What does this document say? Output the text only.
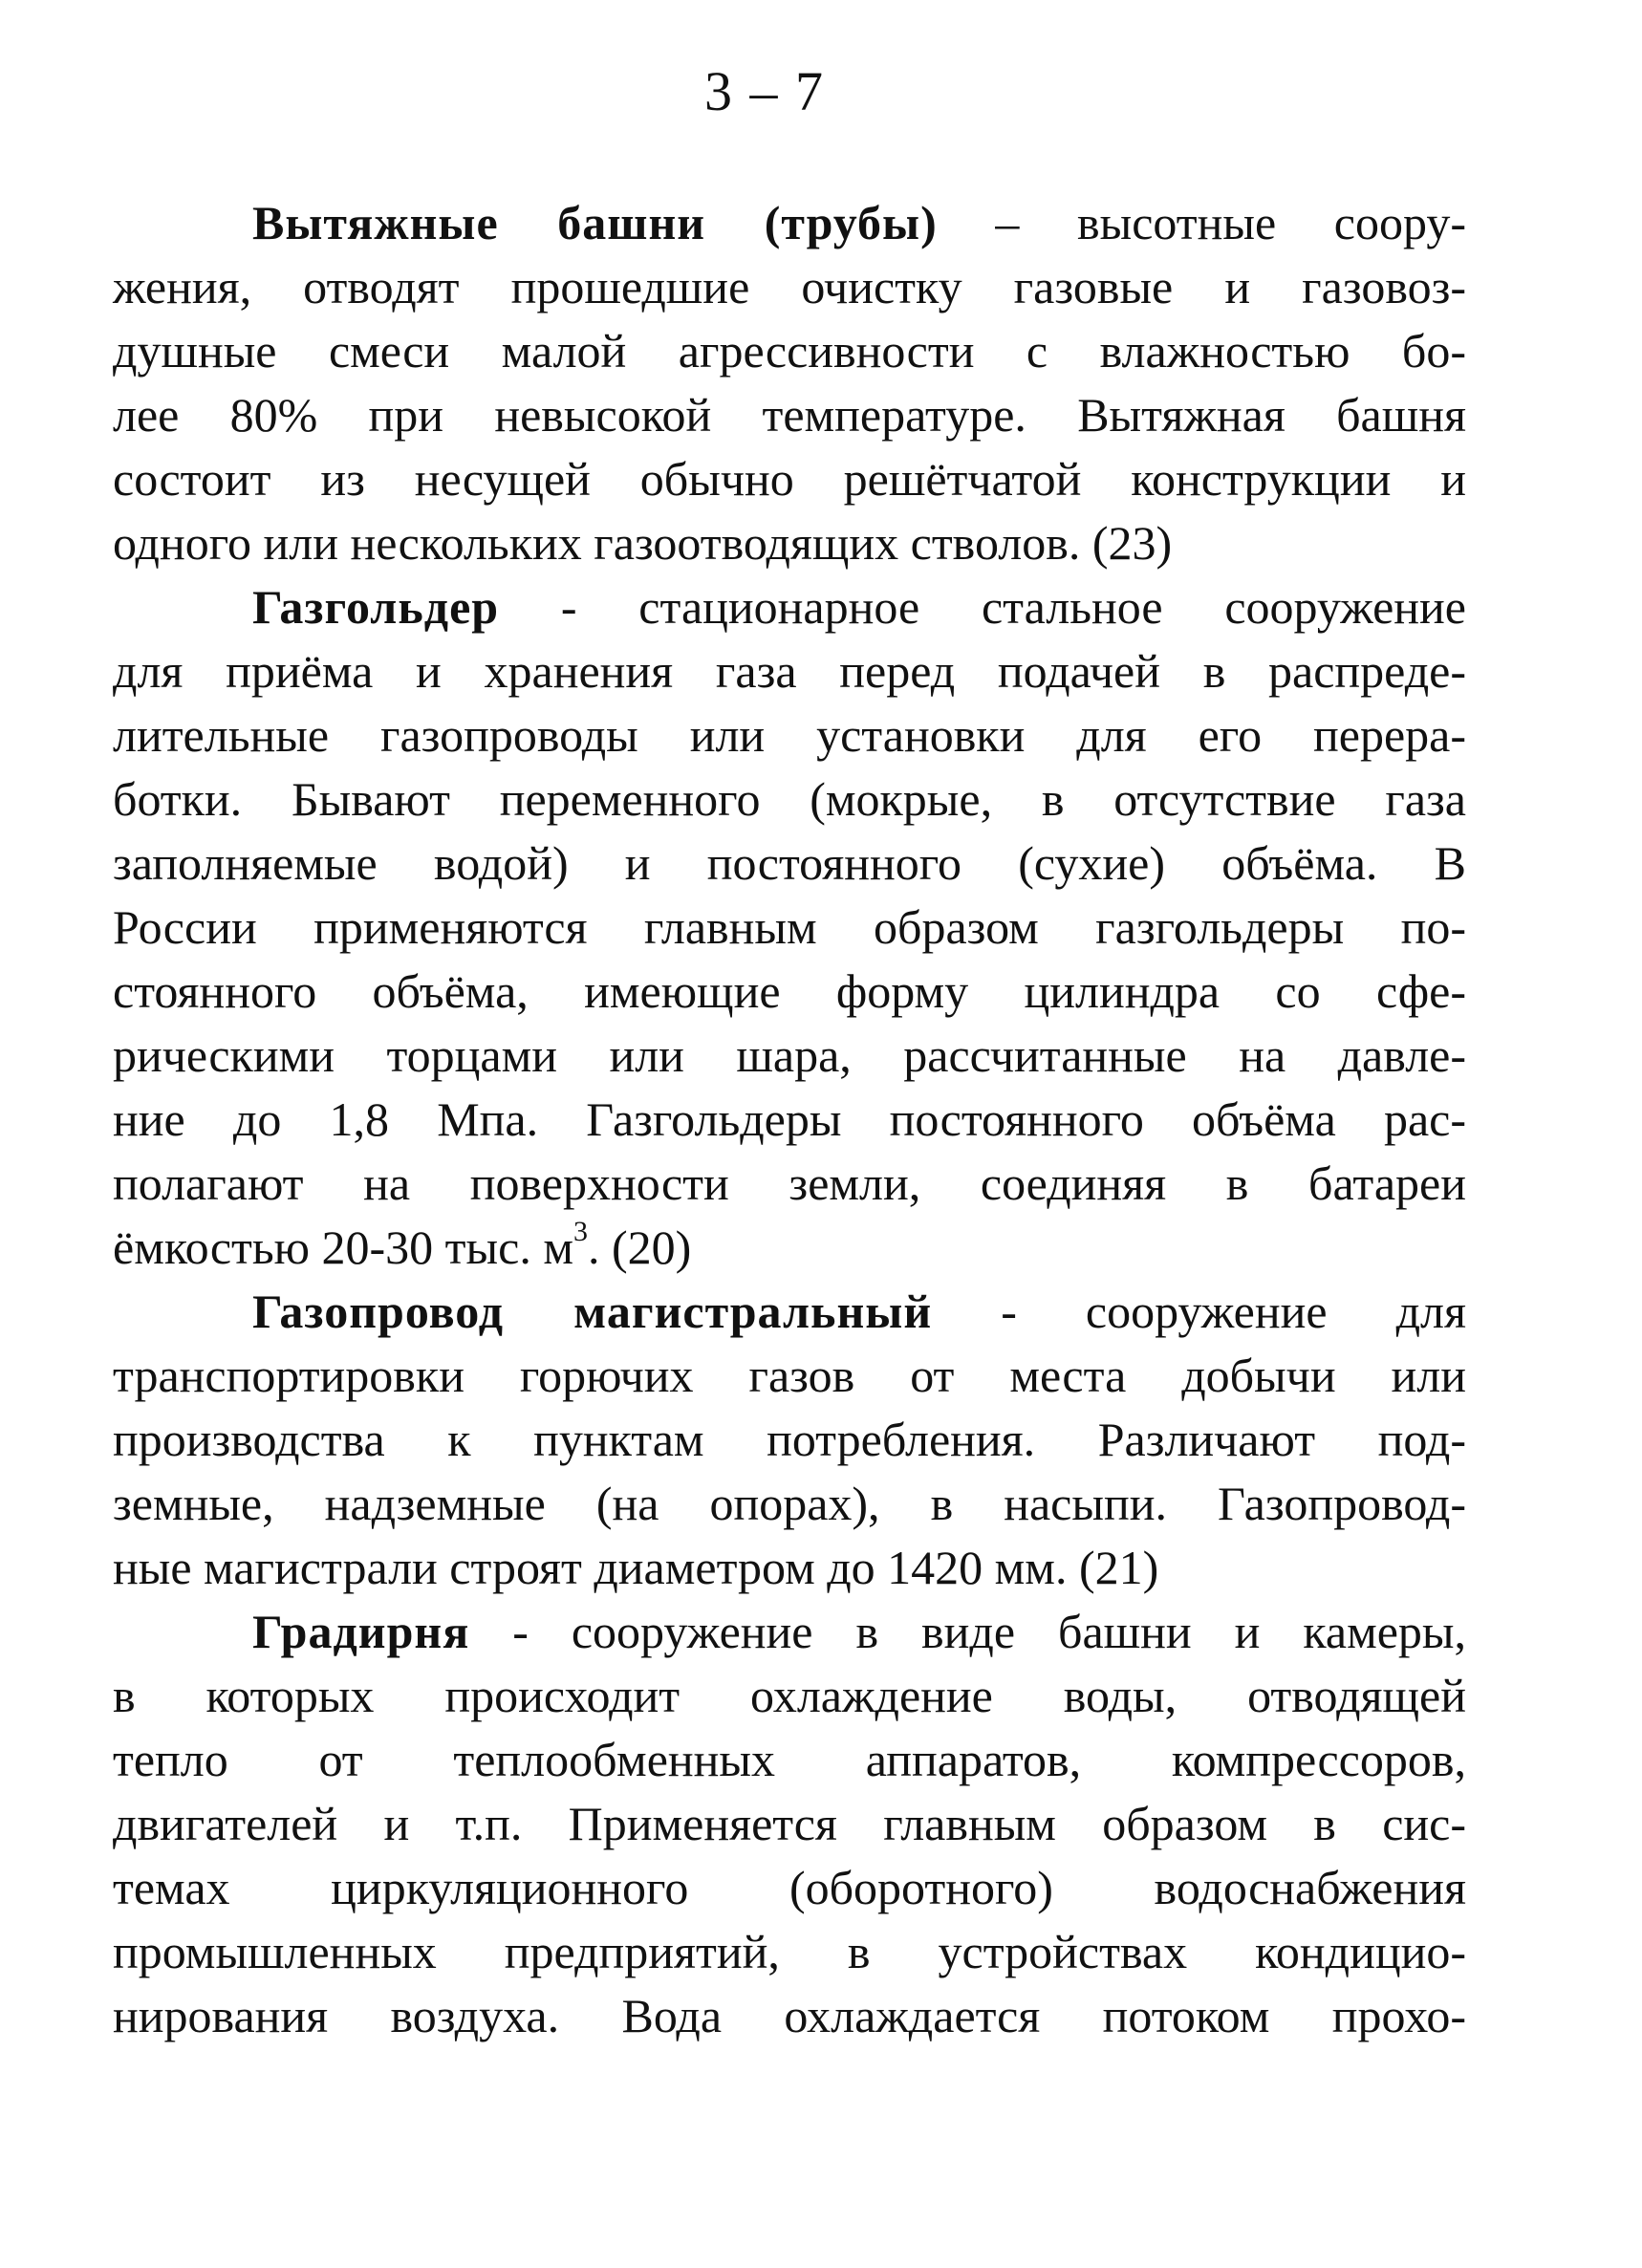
3 – 7
Вытяжные башни (трубы) – высотные соору-
жения, отводят прошедшие очистку газовые и газовоз-
душные смеси малой агрессивности с влажностью бо-
лее 80% при невысокой температуре. Вытяжная башня
состоит из несущей обычно решётчатой конструкции и
одного или нескольких газоотводящих стволов. (23)
Газгольдер - стационарное стальное сооружение
для приёма и хранения газа перед подачей в распреде-
лительные газопроводы или установки для его перера-
ботки. Бывают переменного (мокрые, в отсутствие газа
заполняемые водой) и постоянного (сухие) объёма. В
России применяются главным образом газгольдеры по-
стоянного объёма, имеющие форму цилиндра со сфе-
рическими торцами или шара, рассчитанные на давле-
ние до 1,8 Мпа. Газгольдеры постоянного объёма рас-
полагают на поверхности земли, соединяя в батареи
ёмкостью 20-30 тыс. $м^3$. (20)
Газопровод магистральный - сооружение для
транспортировки горючих газов от места добычи или
производства к пунктам потребления. Различают под-
земные, надземные (на опорах), в насыпи. Газопровод-
ные магистрали строят диаметром до 1420 мм. (21)
Градирня - сооружение в виде башни и камеры,
в которых происходит охлаждение воды, отводящей
тепло от теплообменных аппаратов, компрессоров,
двигателей и т.п. Применяется главным образом в сис-
темах циркуляционного (оборотного) водоснабжения
промышленных предприятий, в устройствах кондицио-
нирования воздуха. Вода охлаждается потоком прохо-
